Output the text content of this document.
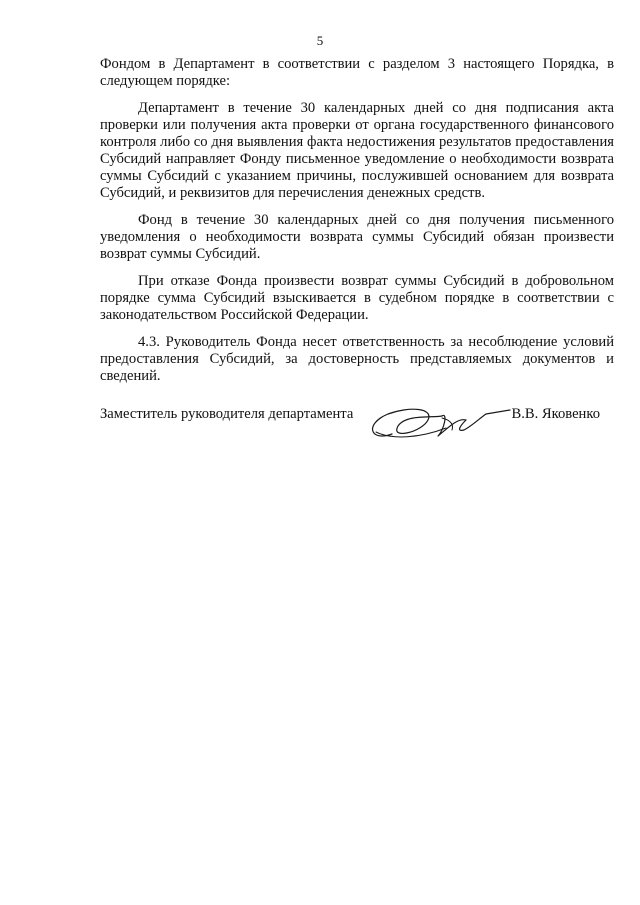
5

Фондом в Департамент в соответствии с разделом 3 настоящего Порядка, в следующем порядке:

Департамент в течение 30 календарных дней со дня подписания акта проверки или получения акта проверки от органа государственного финансового контроля либо со дня выявления факта недостижения результатов предоставления Субсидий направляет Фонду письменное уведомление о необходимости возврата суммы Субсидий с указанием причины, послужившей основанием для возврата Субсидий, и реквизитов для перечисления денежных средств.

Фонд в течение 30 календарных дней со дня получения письменного уведомления о необходимости возврата суммы Субсидий обязан произвести возврат суммы Субсидий.

При отказе Фонда произвести возврат суммы Субсидий в добровольном порядке сумма Субсидий взыскивается в судебном порядке в соответствии с законодательством Российской Федерации.

4.3. Руководитель Фонда несет ответственность за несоблюдение условий предоставления Субсидий, за достоверность представляемых документов и сведений.

Заместитель руководителя департамента	В.В. Яковенко
